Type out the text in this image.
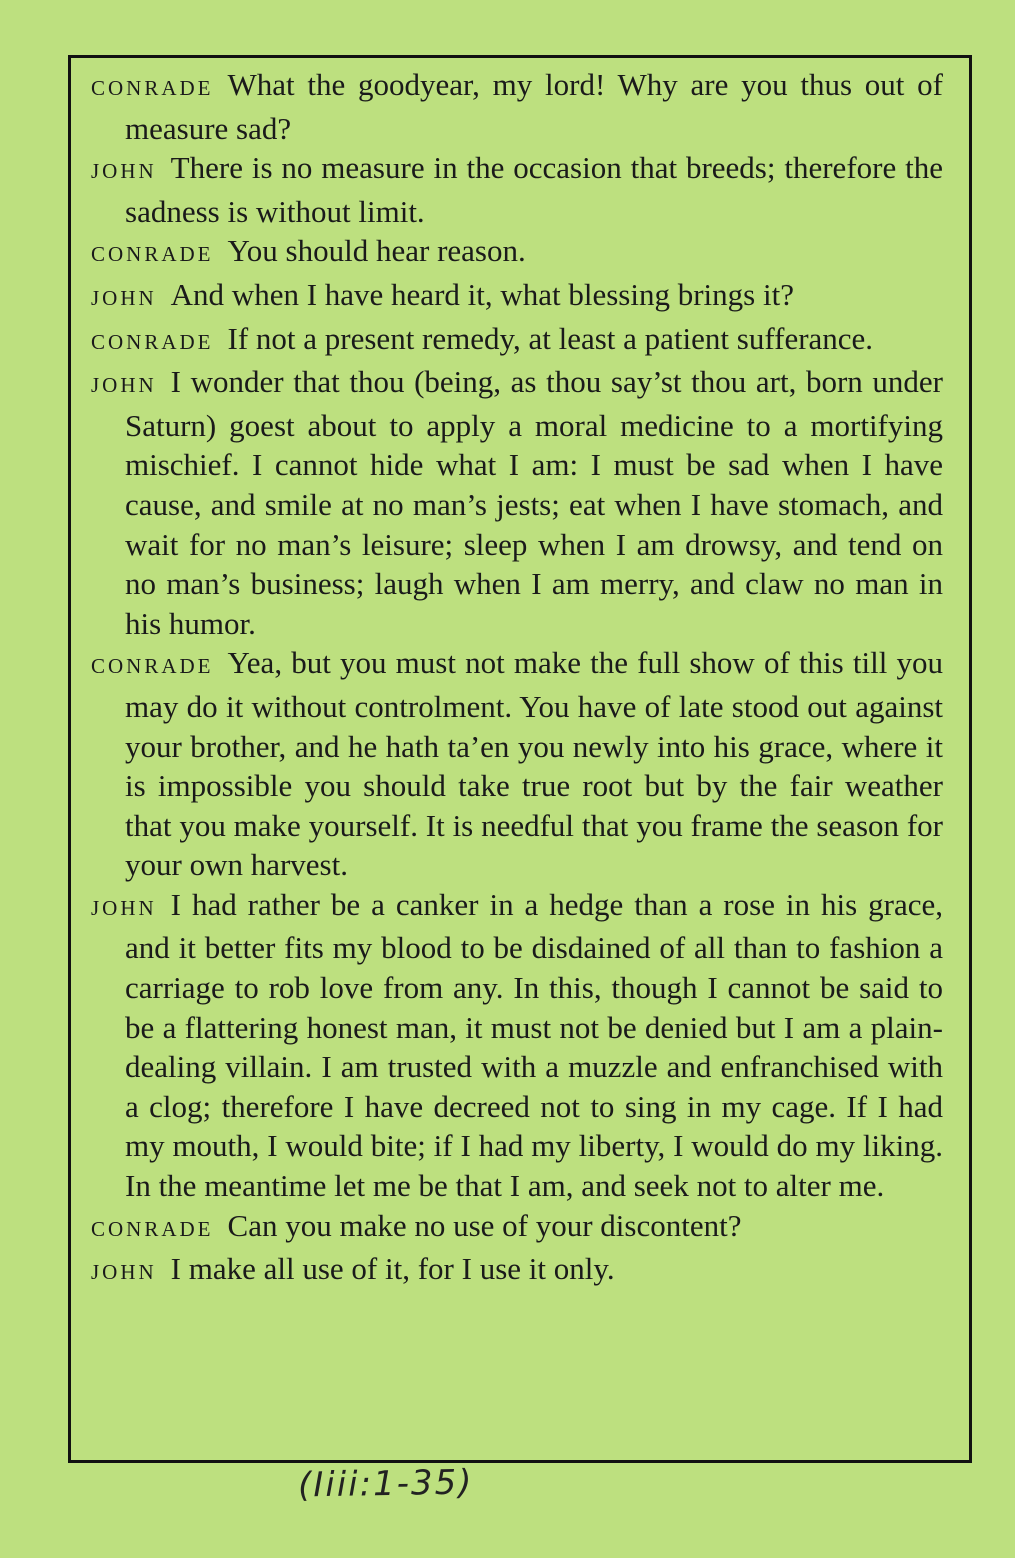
CONRADE What the goodyear, my lord! Why are you thus out of measure sad?

JOHN There is no measure in the occasion that breeds; therefore the sadness is without limit.

CONRADE You should hear reason.

JOHN And when I have heard it, what blessing brings it?

CONRADE If not a present remedy, at least a patient sufferance.

JOHN I wonder that thou (being, as thou say’st thou art, born under Saturn) goest about to apply a moral medicine to a mortifying mischief. I cannot hide what I am: I must be sad when I have cause, and smile at no man’s jests; eat when I have stomach, and wait for no man’s leisure; sleep when I am drowsy, and tend on no man’s business; laugh when I am merry, and claw no man in his humor.

CONRADE Yea, but you must not make the full show of this till you may do it without controlment. You have of late stood out against your brother, and he hath ta’en you newly into his grace, where it is impossible you should take true root but by the fair weather that you make yourself. It is needful that you frame the season for your own harvest.

JOHN I had rather be a canker in a hedge than a rose in his grace, and it better fits my blood to be disdained of all than to fashion a carriage to rob love from any. In this, though I cannot be said to be a flattering honest man, it must not be denied but I am a plain-dealing villain. I am trusted with a muzzle and enfranchised with a clog; therefore I have decreed not to sing in my cage. If I had my mouth, I would bite; if I had my liberty, I would do my liking. In the meantime let me be that I am, and seek not to alter me.

CONRADE Can you make no use of your discontent?

JOHN I make all use of it, for I use it only.

(Iiii:1-35)
